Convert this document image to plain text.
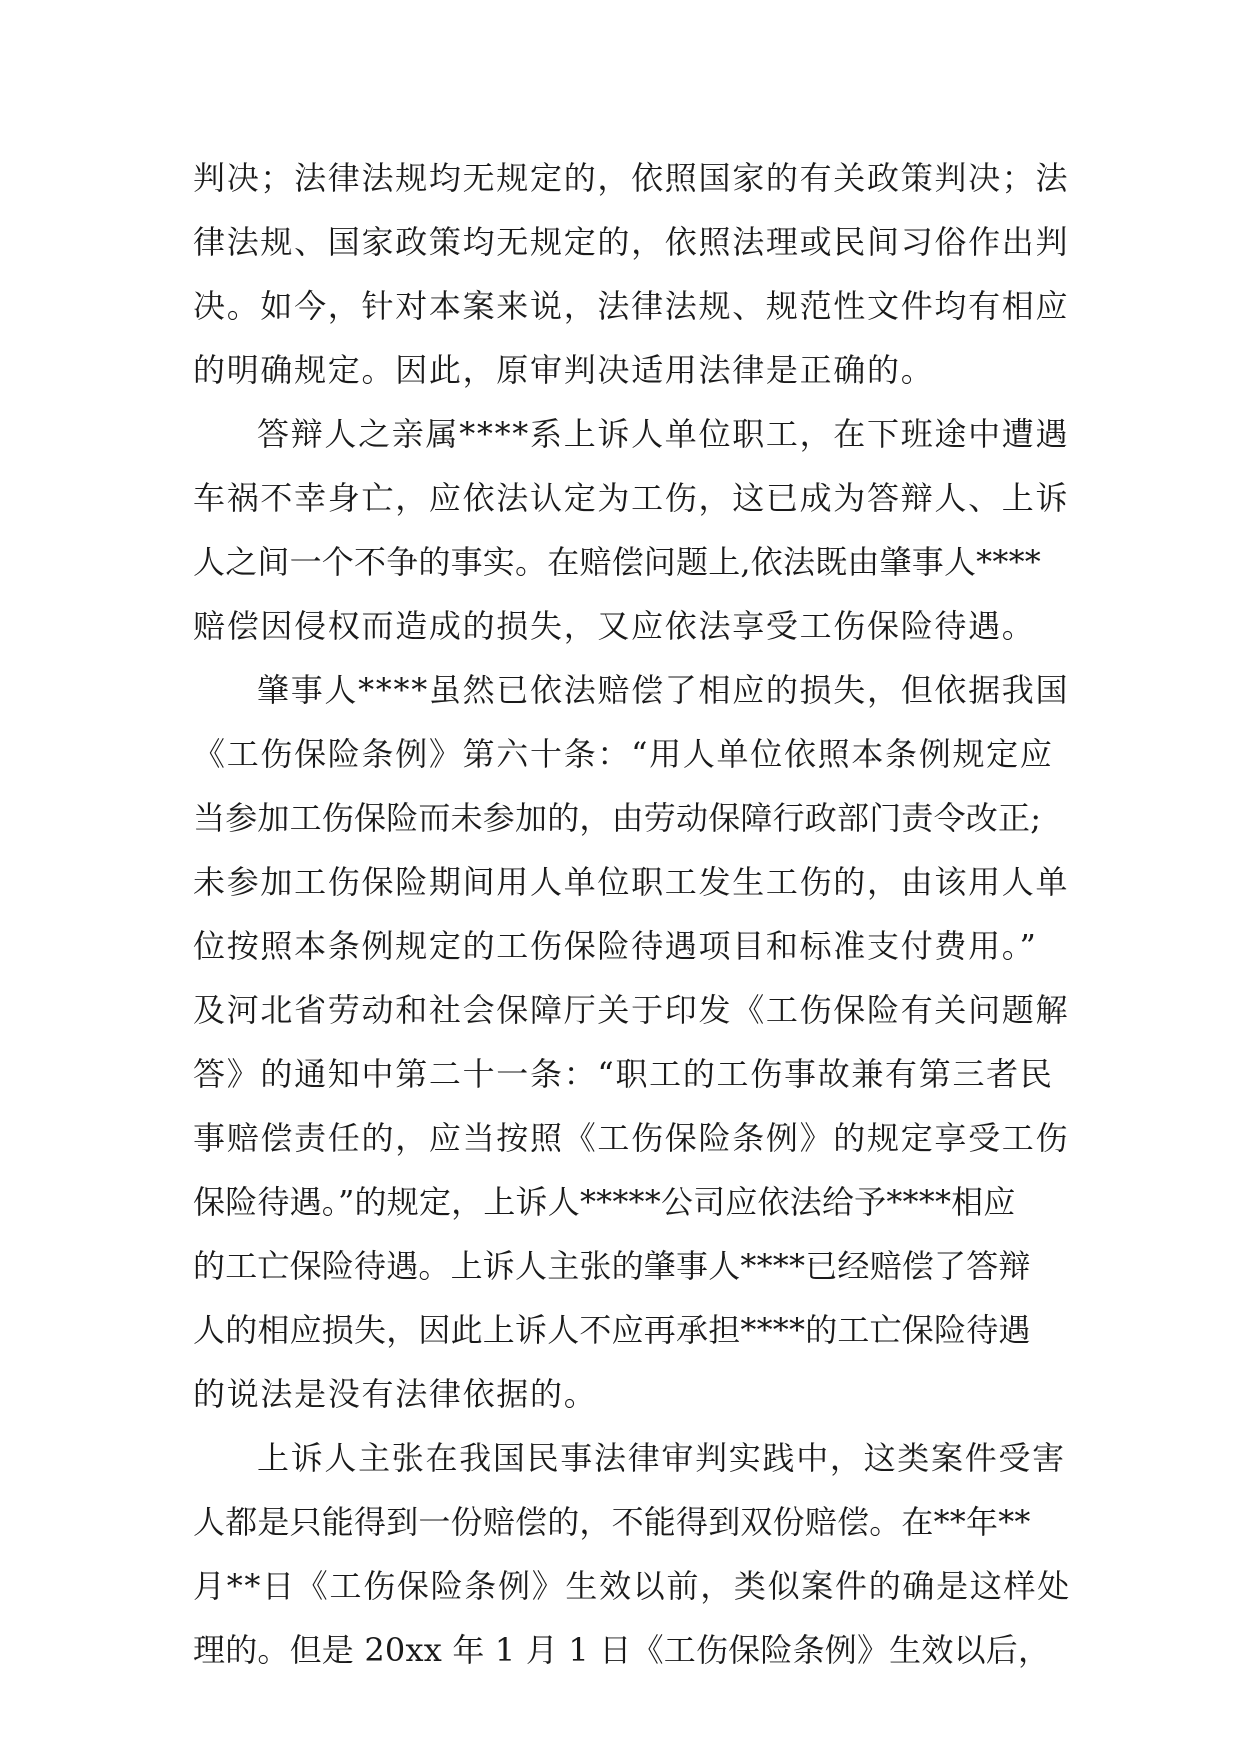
判决；法律法规均无规定的，依照国家的有关政策判决；法
律法规、国家政策均无规定的，依照法理或民间习俗作出判
决。如今，针对本案来说，法律法规、规范性文件均有相应
的明确规定。因此，原审判决适用法律是正确的。
答辩人之亲属****系上诉人单位职工，在下班途中遭遇
车祸不幸身亡，应依法认定为工伤，这已成为答辩人、上诉
人之间一个不争的事实。在赔偿问题上,依法既由肇事人****
赔偿因侵权而造成的损失，又应依法享受工伤保险待遇。
肇事人****虽然已依法赔偿了相应的损失，但依据我国
《工伤保险条例》第六十条：“用人单位依照本条例规定应
当参加工伤保险而未参加的，由劳动保障行政部门责令改正;
未参加工伤保险期间用人单位职工发生工伤的，由该用人单
位按照本条例规定的工伤保险待遇项目和标准支付费用。”
及河北省劳动和社会保障厅关于印发《工伤保险有关问题解
答》的通知中第二十一条：“职工的工伤事故兼有第三者民
事赔偿责任的，应当按照《工伤保险条例》的规定享受工伤
保险待遇。”的规定，上诉人*****公司应依法给予****相应
的工亡保险待遇。上诉人主张的肇事人****已经赔偿了答辩
人的相应损失，因此上诉人不应再承担****的工亡保险待遇
的说法是没有法律依据的。
上诉人主张在我国民事法律审判实践中，这类案件受害
人都是只能得到一份赔偿的，不能得到双份赔偿。在**年**
月**日《工伤保险条例》生效以前，类似案件的确是这样处
理的。但是 20xx 年 1 月 1 日《工伤保险条例》生效以后，
